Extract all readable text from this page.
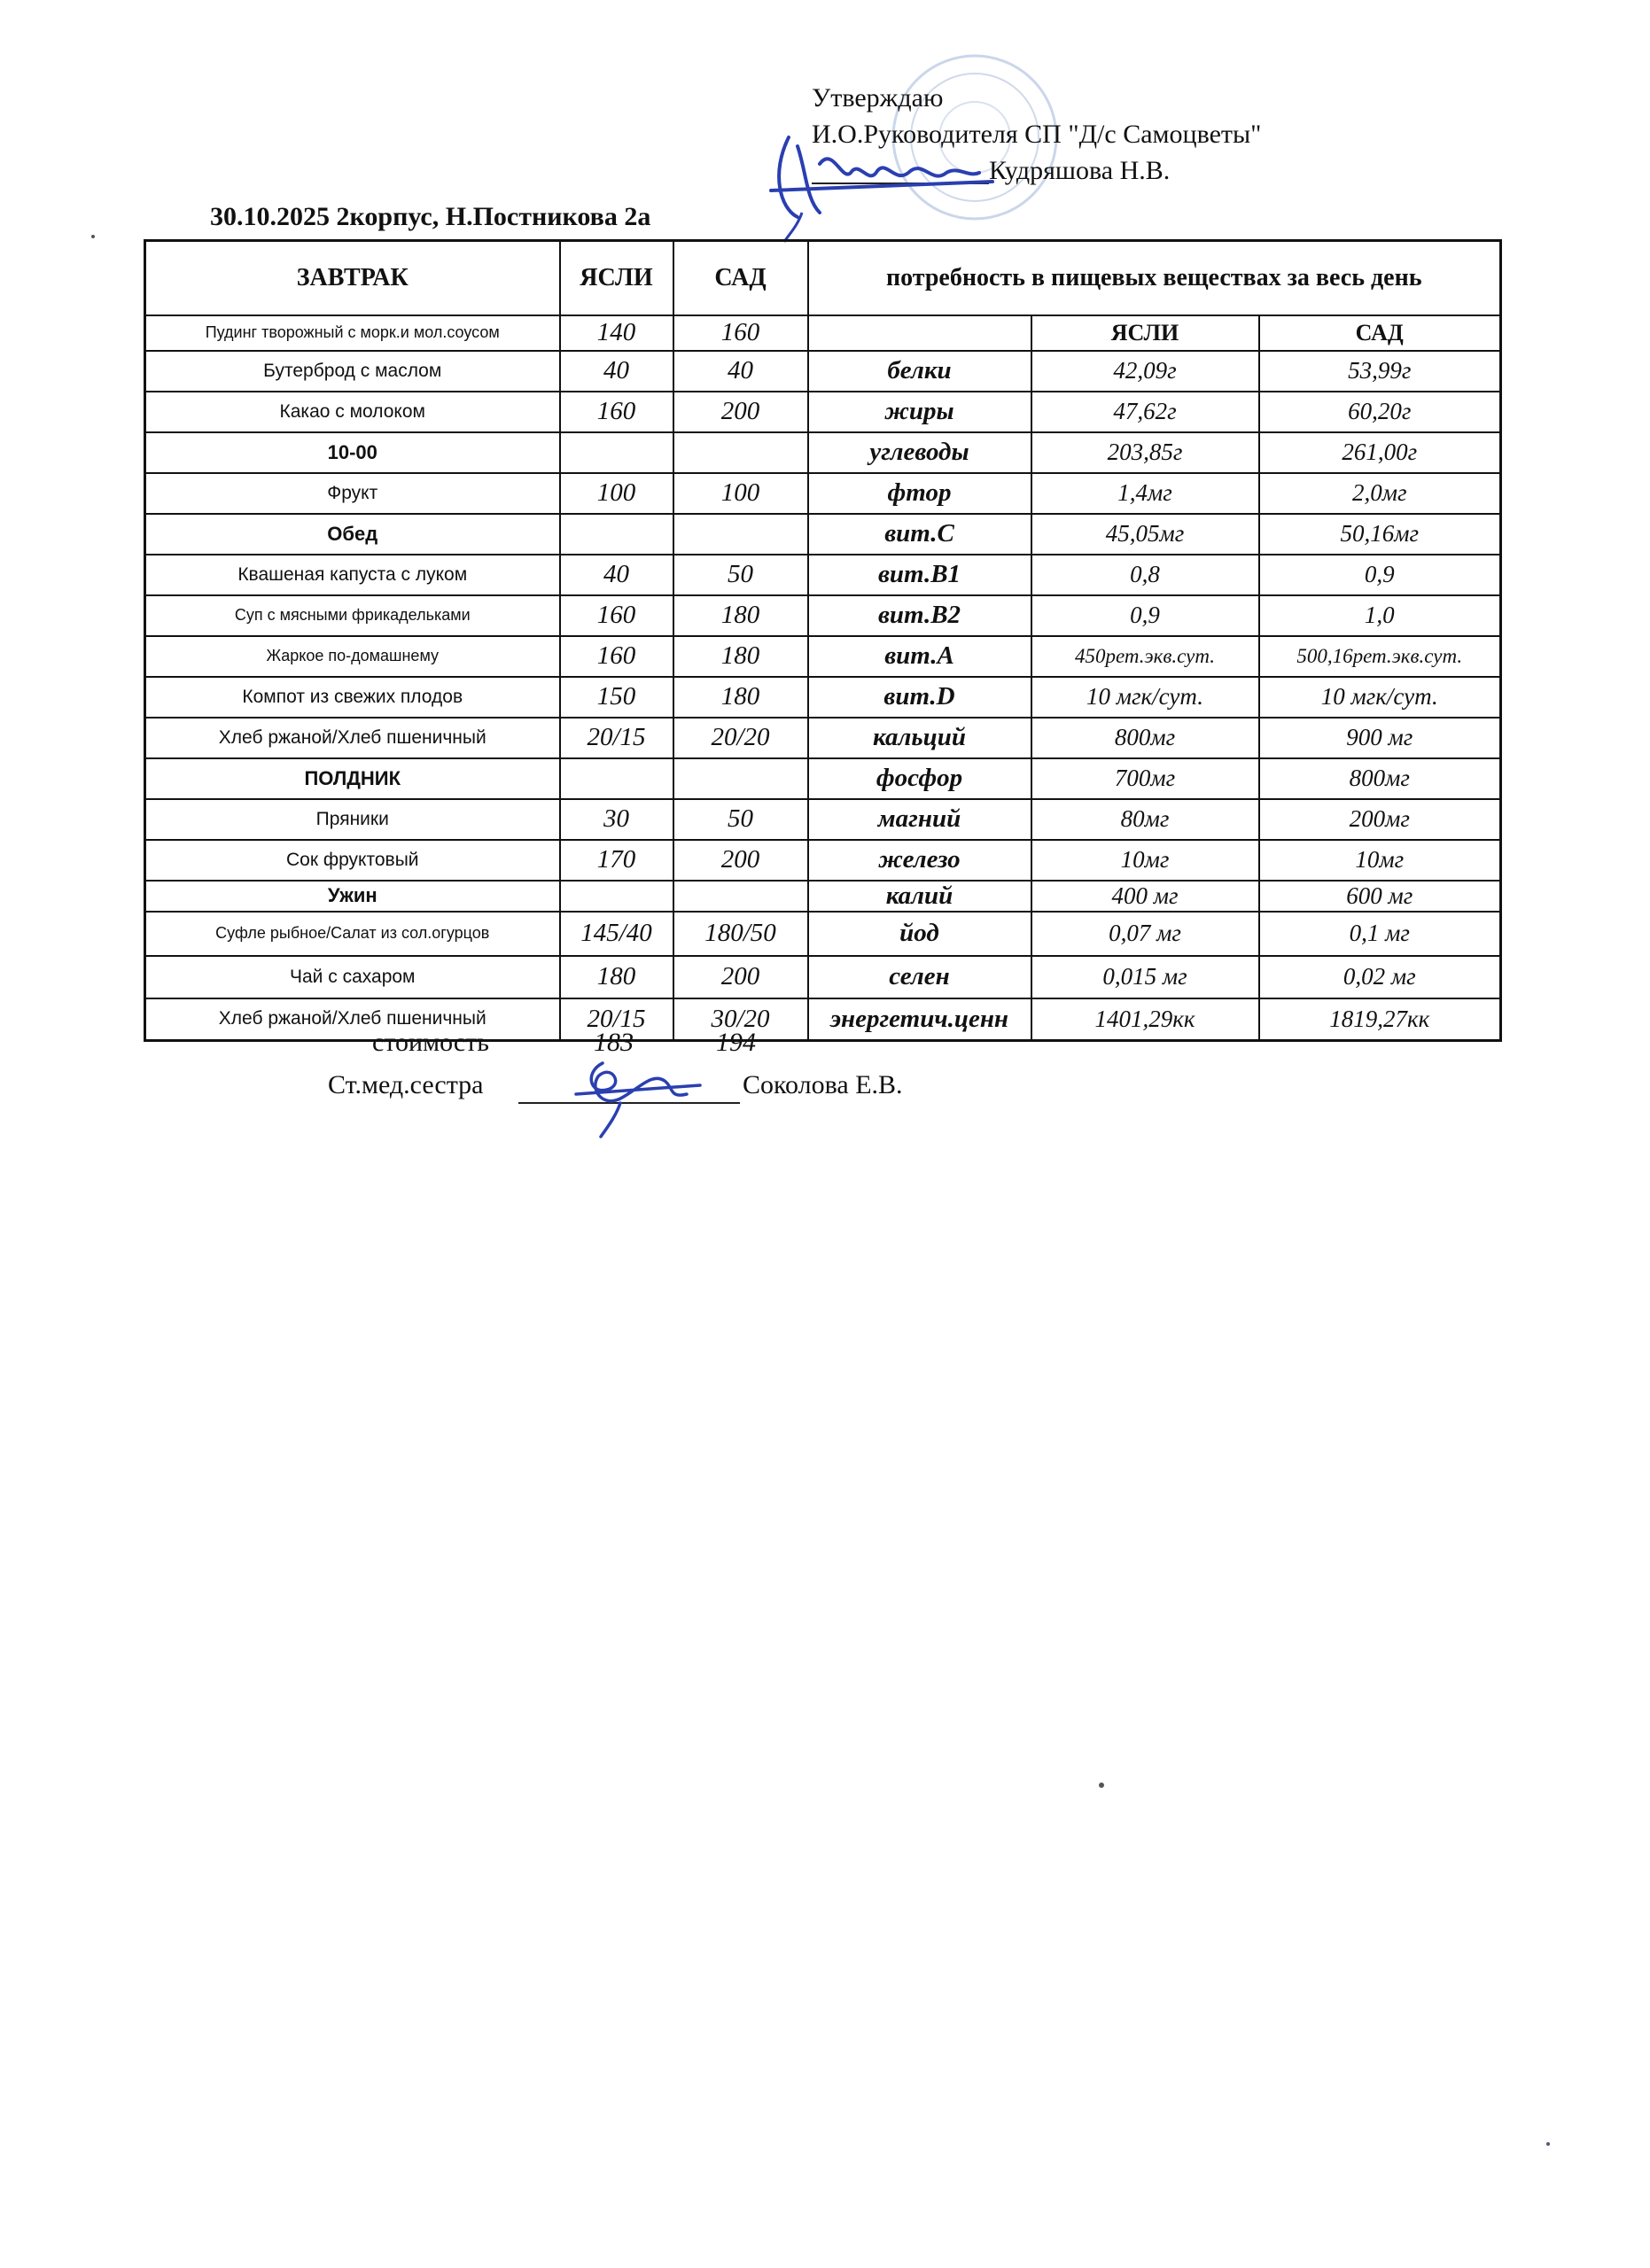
Утверждаю
И.О.Руководителя СП "Д/с Самоцветы"
Кудряшова Н.В.
30.10.2025 2корпус, Н.Постникова 2а
ЗАВТРАК	ЯСЛИ	САД	потребность в пищевых веществах за весь день		
Пудинг творожный с морк.и мол.соусом	140	160		ЯСЛИ	САД
Бутерброд с маслом	40	40	белки	42,09г	53,99г
Какао с молоком	160	200	жиры	47,62г	60,20г
10-00			углеводы	203,85г	261,00г
Фрукт	100	100	фтор	1,4мг	2,0мг
Обед			вит.С	45,05мг	50,16мг
Квашеная капуста с луком	40	50	вит.В1	0,8	0,9
Суп с мясными фрикадельками	160	180	вит.В2	0,9	1,0
Жаркое по-домашнему	160	180	вит.А	450рет.экв.сут.	500,16рет.экв.сут.
Компот из свежих плодов	150	180	вит.D	10 мгк/сут.	10 мгк/сут.
Хлеб ржаной/Хлеб пшеничный	20/15	20/20	кальций	800мг	900 мг
ПОЛДНИК			фосфор	700мг	800мг
Пряники	30	50	магний	80мг	200мг
Сок фруктовый	170	200	железо	10мг	10мг
Ужин			калий	400 мг	600 мг
Суфле рыбное/Салат из сол.огурцов	145/40	180/50	йод	0,07 мг	0,1 мг
Чай с сахаром	180	200	селен	0,015 мг	0,02 мг
Хлеб ржаной/Хлеб пшеничный	20/15	30/20	энергетич.ценн	1401,29кк	1819,27кк
стоимость	183	194
Ст.мед.сестра	Соколова Е.В.
